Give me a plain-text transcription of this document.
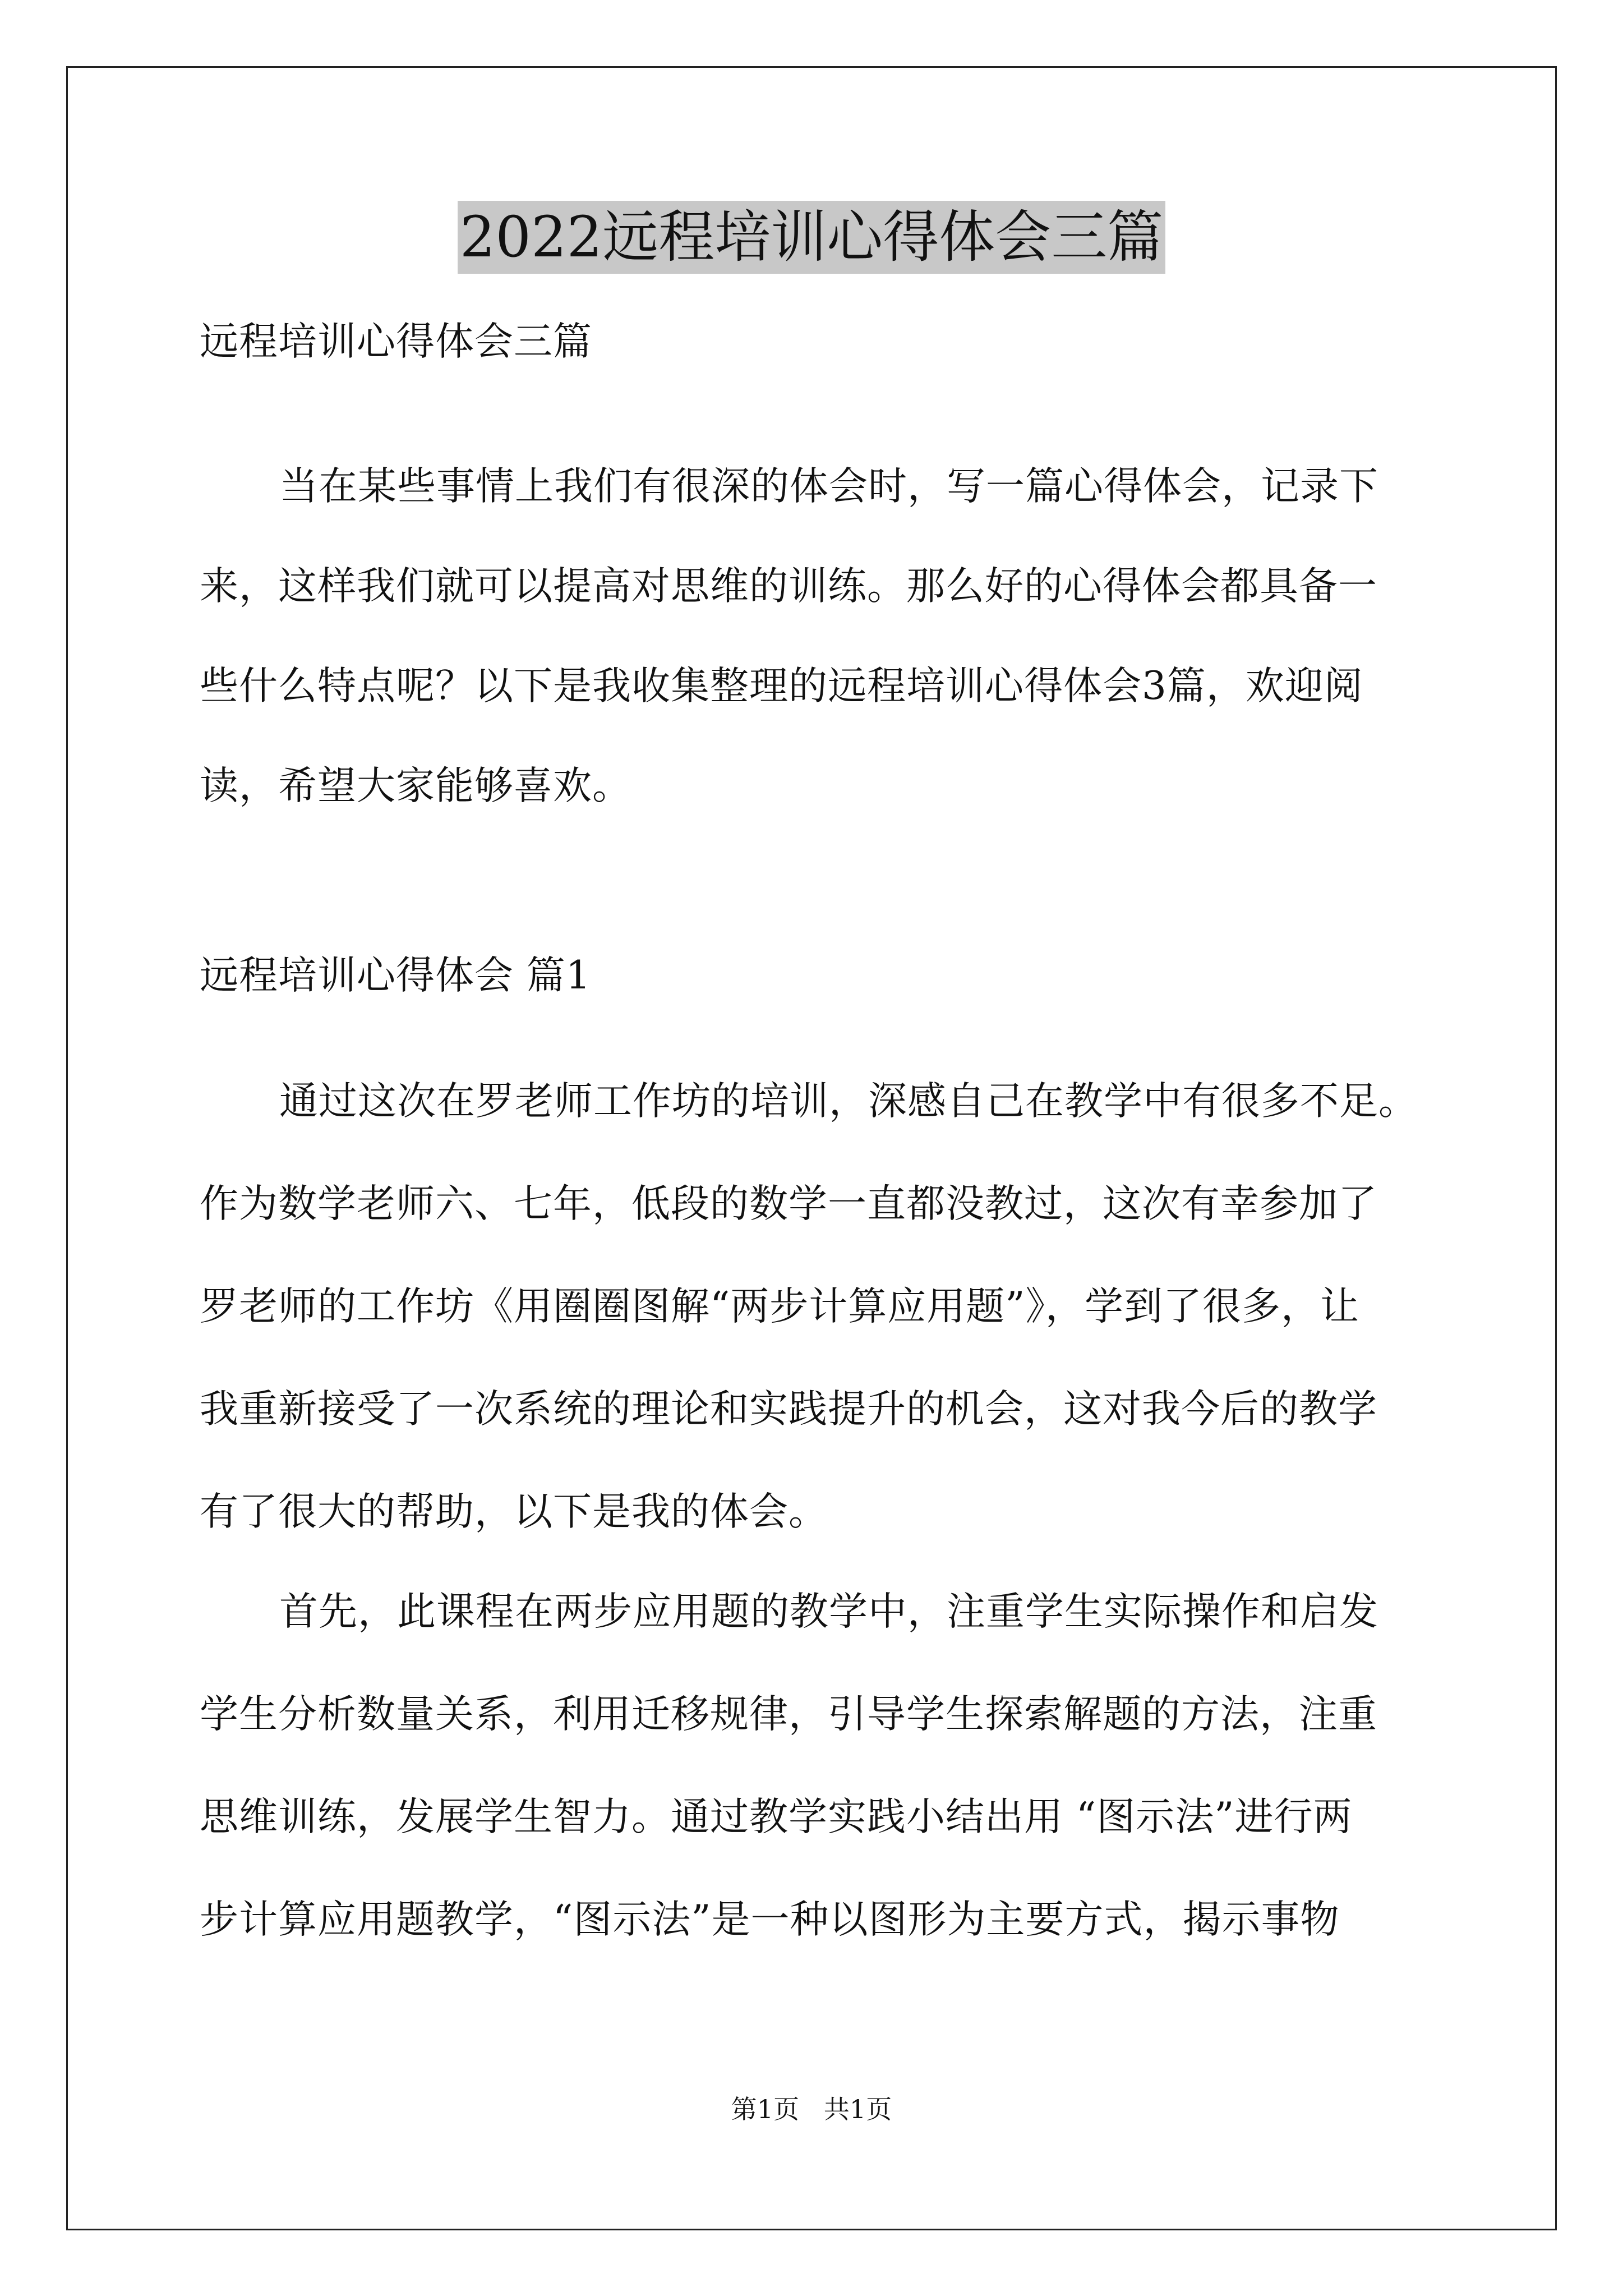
2022远程培训心得体会三篇
远程培训心得体会三篇
当在某些事情上我们有很深的体会时，写一篇心得体会，记录下
来，这样我们就可以提高对思维的训练。那么好的心得体会都具备一
些什么特点呢？以下是我收集整理的远程培训心得体会3篇，欢迎阅
读，希望大家能够喜欢。
远程培训心得体会 篇1
通过这次在罗老师工作坊的培训，深感自己在教学中有很多不足。
作为数学老师六、七年，低段的数学一直都没教过，这次有幸参加了
罗老师的工作坊《用圈圈图解“两步计算应用题”》，学到了很多，让
我重新接受了一次系统的理论和实践提升的机会，这对我今后的教学
有了很大的帮助，以下是我的体会。
首先，此课程在两步应用题的教学中，注重学生实际操作和启发
学生分析数量关系，利用迁移规律，引导学生探索解题的方法，注重
思维训练，发展学生智力。通过教学实践小结出用 “图示法”进行两
步计算应用题教学，“图示法”是一种以图形为主要方式，揭示事物
第1页   共1页
